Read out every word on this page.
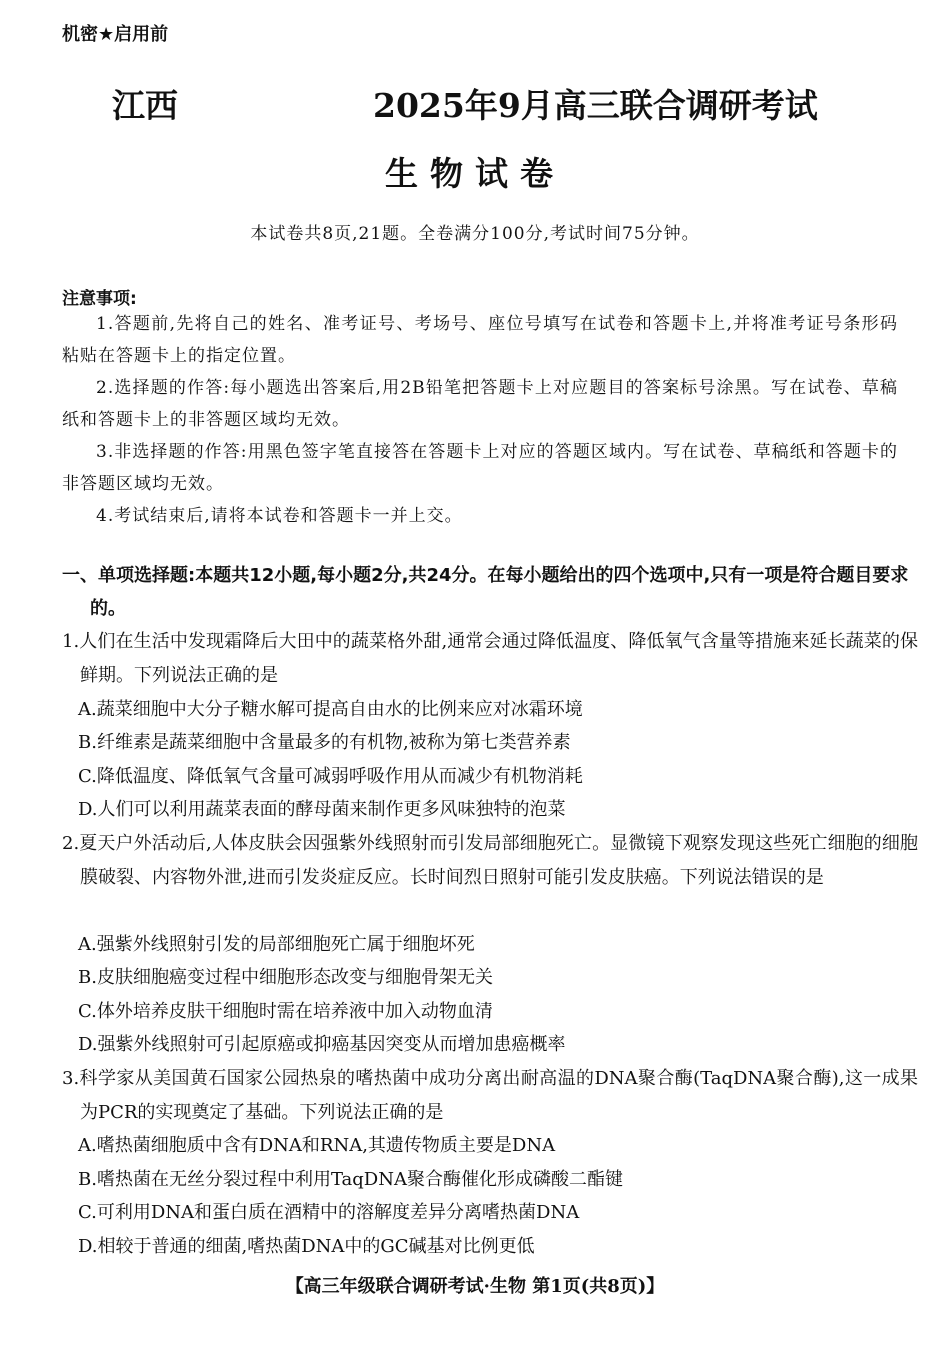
机密★启用前
江西	2025年9月高三联合调研考试
生物试卷
本试卷共8页,21题。全卷满分100分,考试时间75分钟。
注意事项:
1.答题前,先将自己的姓名、准考证号、考场号、座位号填写在试卷和答题卡上,并将准考证号条形码粘贴在答题卡上的指定位置。
2.选择题的作答:每小题选出答案后,用2B铅笔把答题卡上对应题目的答案标号涂黑。写在试卷、草稿纸和答题卡上的非答题区域均无效。
3.非选择题的作答:用黑色签字笔直接答在答题卡上对应的答题区域内。写在试卷、草稿纸和答题卡的非答题区域均无效。
4.考试结束后,请将本试卷和答题卡一并上交。
一、单项选择题:本题共12小题,每小题2分,共24分。在每小题给出的四个选项中,只有一项是符合题目要求的。
1.人们在生活中发现霜降后大田中的蔬菜格外甜,通常会通过降低温度、降低氧气含量等措施来延长蔬菜的保鲜期。下列说法正确的是
A.蔬菜细胞中大分子糖水解可提高自由水的比例来应对冰霜环境
B.纤维素是蔬菜细胞中含量最多的有机物,被称为第七类营养素
C.降低温度、降低氧气含量可减弱呼吸作用从而减少有机物消耗
D.人们可以利用蔬菜表面的酵母菌来制作更多风味独特的泡菜
2.夏天户外活动后,人体皮肤会因强紫外线照射而引发局部细胞死亡。显微镜下观察发现这些死亡细胞的细胞膜破裂、内容物外泄,进而引发炎症反应。长时间烈日照射可能引发皮肤癌。下列说法错误的是
A.强紫外线照射引发的局部细胞死亡属于细胞坏死
B.皮肤细胞癌变过程中细胞形态改变与细胞骨架无关
C.体外培养皮肤干细胞时需在培养液中加入动物血清
D.强紫外线照射可引起原癌或抑癌基因突变从而增加患癌概率
3.科学家从美国黄石国家公园热泉的嗜热菌中成功分离出耐高温的DNA聚合酶(TaqDNA聚合酶),这一成果为PCR的实现奠定了基础。下列说法正确的是
A.嗜热菌细胞质中含有DNA和RNA,其遗传物质主要是DNA
B.嗜热菌在无丝分裂过程中利用TaqDNA聚合酶催化形成磷酸二酯键
C.可利用DNA和蛋白质在酒精中的溶解度差异分离嗜热菌DNA
D.相较于普通的细菌,嗜热菌DNA中的GC碱基对比例更低
【高三年级联合调研考试·生物 第1页(共8页)】
